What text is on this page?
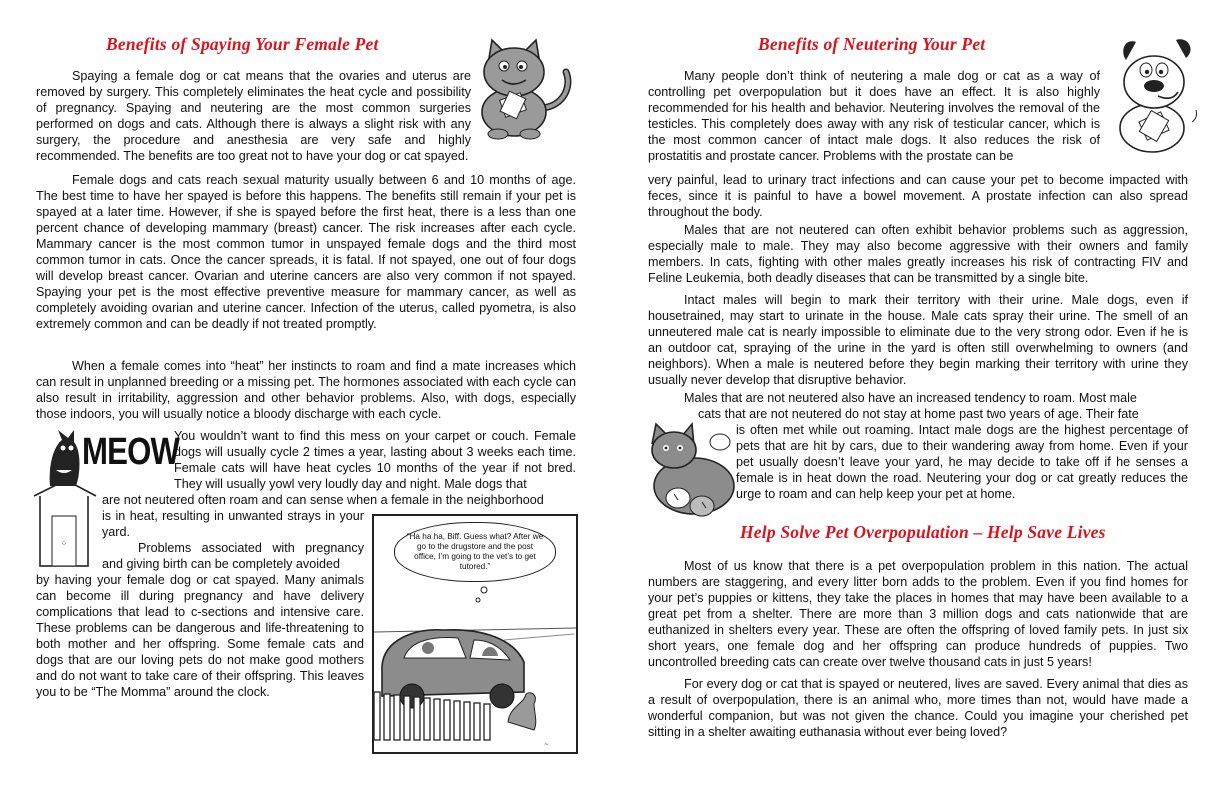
Benefits of Spaying Your Female Pet

Spaying a female dog or cat means that the ovaries and uterus are removed by surgery. This completely eliminates the heat cycle and possibility of pregnancy. Spaying and neutering are the most common surgeries performed on dogs and cats. Although there is always a slight risk with any surgery, the procedure and anesthesia are very safe and highly recommended. The benefits are too great not to have your dog or cat spayed.

Female dogs and cats reach sexual maturity usually between 6 and 10 months of age. The best time to have her spayed is before this happens. The benefits still remain if your pet is spayed at a later time. However, if she is spayed before the first heat, there is a less than one percent chance of developing mammary (breast) cancer. The risk increases after each cycle. Mammary cancer is the most common tumor in unspayed female dogs and the third most common tumor in cats. Once the cancer spreads, it is fatal. If not spayed, one out of four dogs will develop breast cancer. Ovarian and uterine cancers are also very common if not spayed. Spaying your pet is the most effective preventive measure for mammary cancer, as well as completely avoiding ovarian and uterine cancer. Infection of the uterus, called pyometra, is also extremely common and can be deadly if not treated promptly.

When a female comes into “heat” her instincts to roam and find a mate increases which can result in unplanned breeding or a missing pet. The hormones associated with each cycle can also result in irritability, aggression and other behavior problems. Also, with dogs, especially those indoors, you will usually notice a bloody discharge with each cycle.

⁘
MEOW

You wouldn’t want to find this mess on your carpet or couch. Female dogs will usually cycle 2 times a year, lasting about 3 weeks each time. Female cats will have heat cycles 10 months of the year if not bred. They will usually yowl very loudly day and night. Male dogs that

are not neutered often roam and can sense when a female in the neighborhood

is in heat, resulting in unwanted strays in your yard.

Problems associated with pregnancy and giving birth can be completely avoided

by having your female dog or cat spayed. Many animals can become ill during pregnancy and have delivery complications that lead to c-sections and intensive care. These problems can be dangerous and life-threatening to both mother and her offspring. Some female cats and dogs that are our loving pets do not make good mothers and do not want to take care of their offspring. This leaves you to be “The Momma” around the clock.

“Ha ha ha, Biff. Guess what? After we go to the drugstore and the post office, I’m going to the vet’s to get tutored.”
~
Benefits of Neutering Your Pet

Many people don’t think of neutering a male dog or cat as a way of controlling pet overpopulation but it does have an effect. It is also highly recommended for his health and behavior. Neutering involves the removal of the testicles. This completely does away with any risk of testicular cancer, which is the most common cancer of intact male dogs. It also reduces the risk of prostatitis and prostate cancer. Problems with the prostate can be

very painful, lead to urinary tract infections and can cause your pet to become impacted with feces, since it is painful to have a bowel movement. A prostate infection can also spread throughout the body.

Males that are not neutered can often exhibit behavior problems such as aggression, especially male to male. They may also become aggressive with their owners and family members. In cats, fighting with other males greatly increases his risk of contracting FIV and Feline Leukemia, both deadly diseases that can be transmitted by a single bite.

Intact males will begin to mark their territory with their urine. Male dogs, even if housetrained, may start to urinate in the house. Male cats spray their urine. The smell of an unneutered male cat is nearly impossible to eliminate due to the very strong odor. Even if he is an outdoor cat, spraying of the urine in the yard is often still overwhelming to owners (and neighbors). When a male is neutered before they begin marking their territory with urine they usually never develop that disruptive behavior.

Males that are not neutered also have an increased tendency to roam. Most male

cats that are not neutered do not stay at home past two years of age. Their fate

is often met while out roaming. Intact male dogs are the highest percentage of pets that are hit by cars, due to their wandering away from home. Even if your pet usually doesn’t leave your yard, he may decide to take off if he senses a female is in heat down the road. Neutering your dog or cat greatly reduces the urge to roam and can help keep your pet at home.

Help Solve Pet Overpopulation – Help Save Lives

Most of us know that there is a pet overpopulation problem in this nation. The actual numbers are staggering, and every litter born adds to the problem. Even if you find homes for your pet’s puppies or kittens, they take the places in homes that may have been available to a great pet from a shelter. There are more than 3 million dogs and cats nationwide that are euthanized in shelters every year. These are often the offspring of loved family pets. In just six short years, one female dog and her offspring can produce hundreds of puppies. Two uncontrolled breeding cats can create over twelve thousand cats in just 5 years!

For every dog or cat that is spayed or neutered, lives are saved. Every animal that dies as a result of overpopulation, there is an animal who, more times than not, would have made a wonderful companion, but was not given the chance. Could you imagine your cherished pet sitting in a shelter awaiting euthanasia without ever being loved?
